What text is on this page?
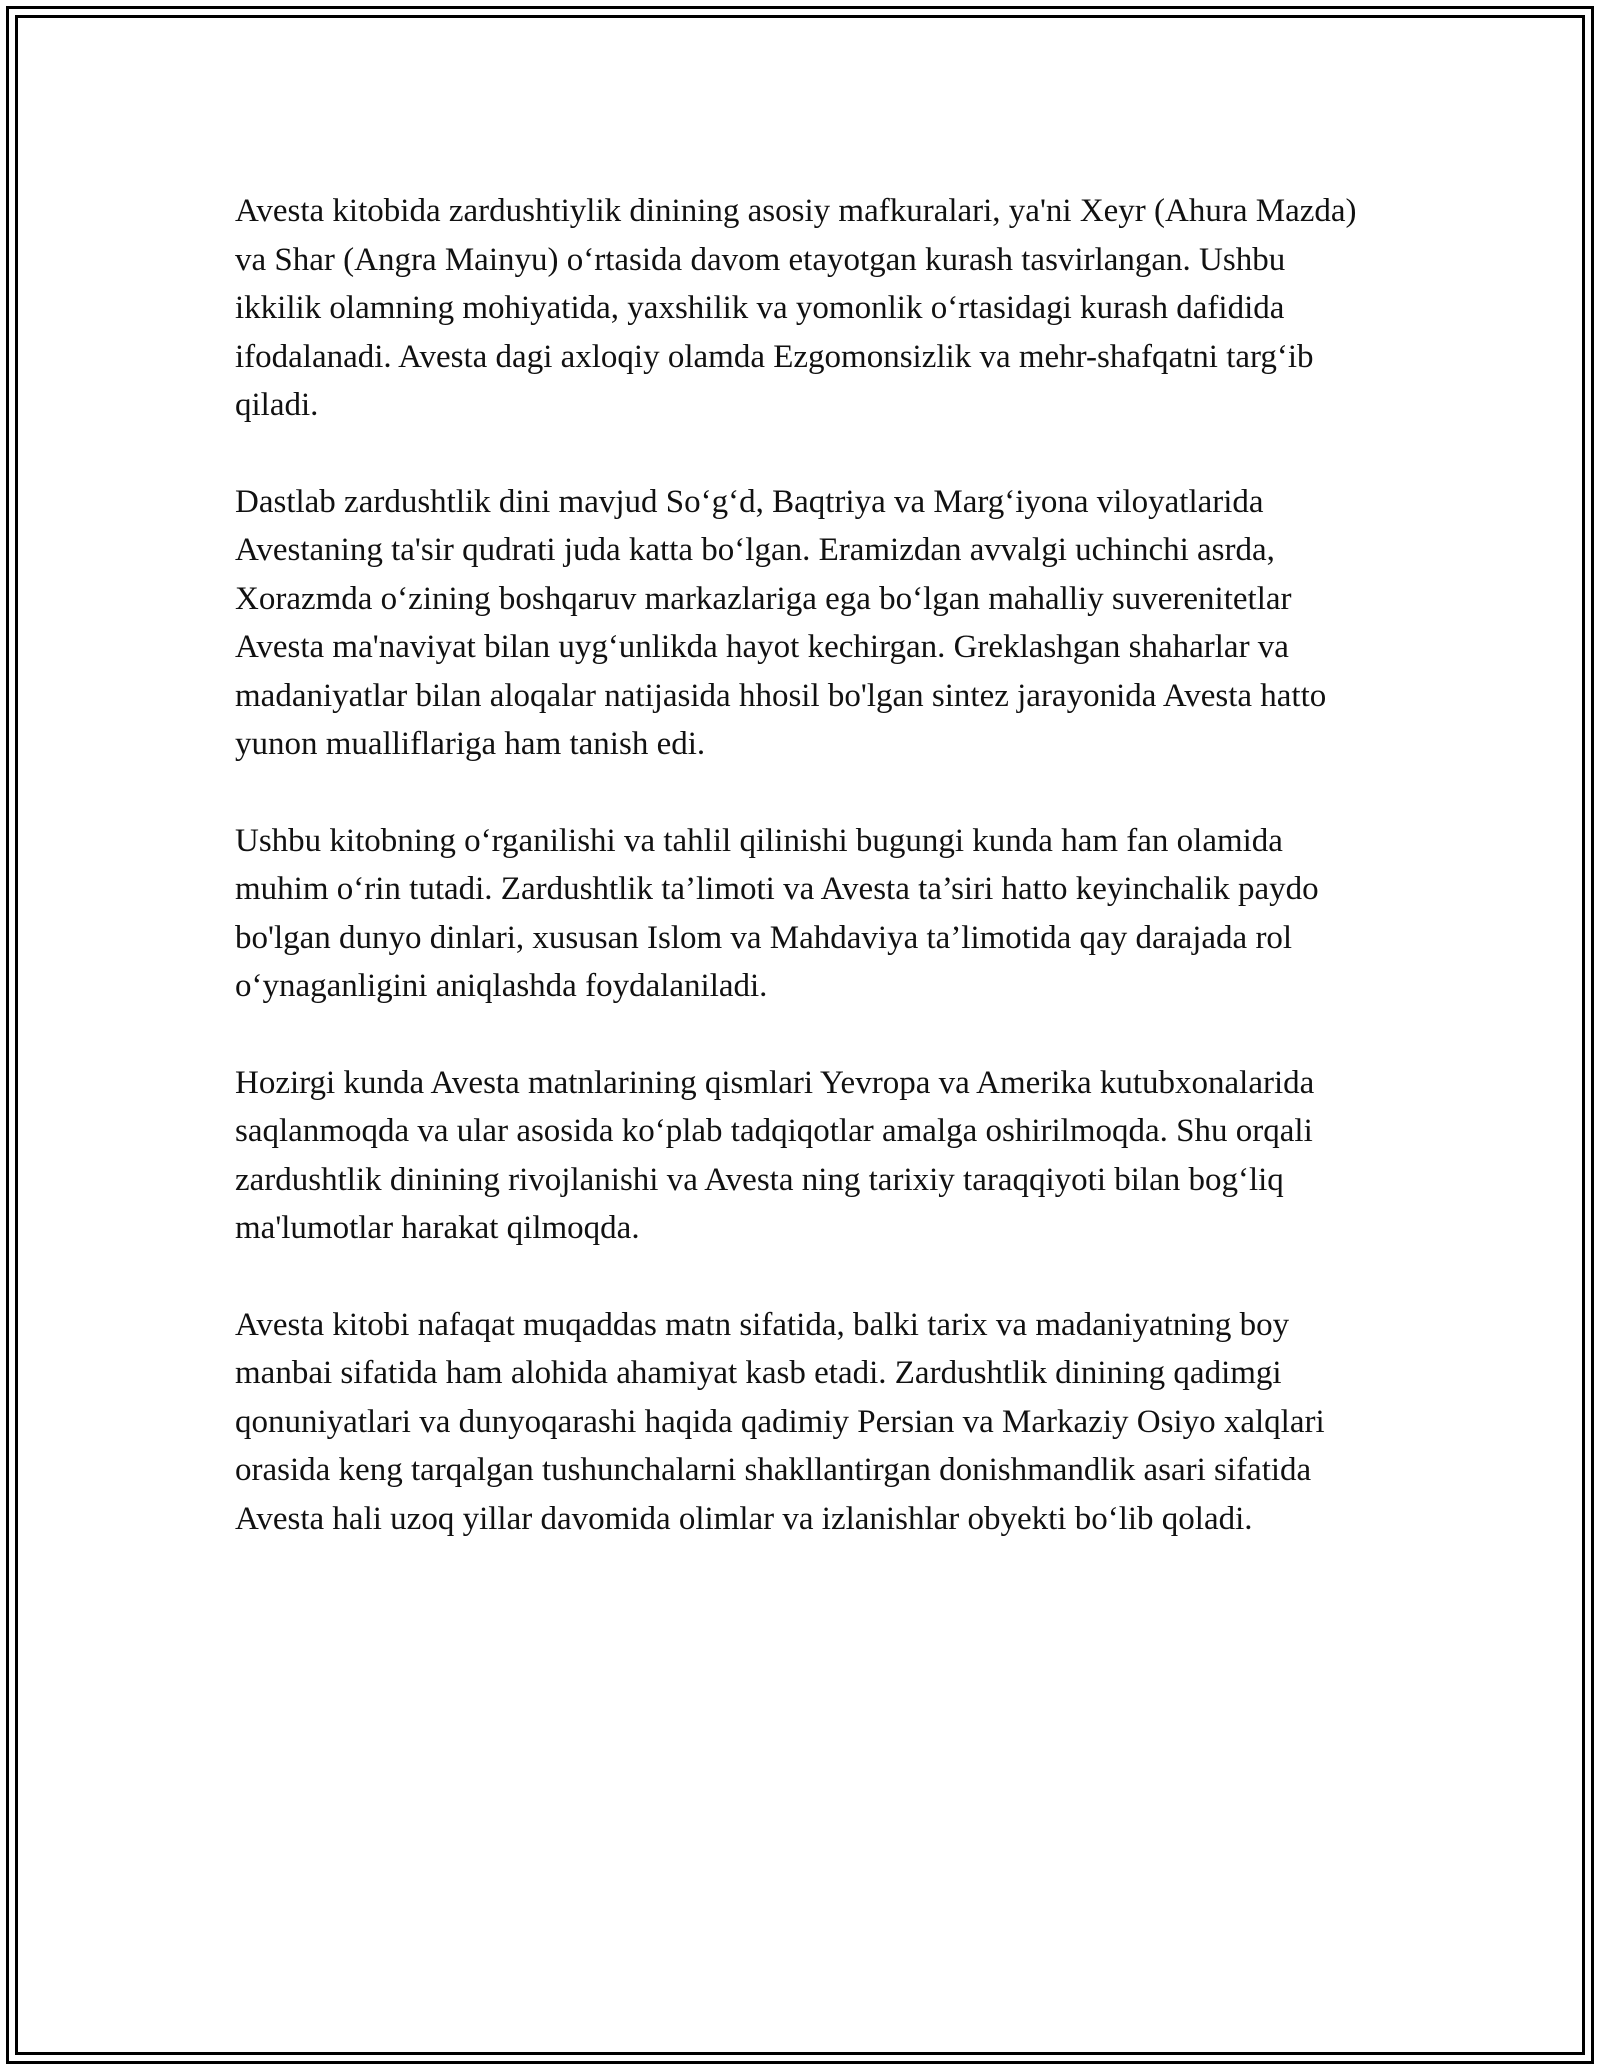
Avesta kitobida zardushtiylik dinining asosiy mafkuralari, ya'ni Xeyr (Ahura Mazda) va Shar (Angra Mainyu) oʻrtasida davom etayotgan kurash tasvirlangan. Ushbu ikkilik olamning mohiyatida, yaxshilik va yomonlik oʻrtasidagi kurash dafidida ifodalanadi. Avesta dagi axloqiy olamda Ezgomonsizlik va mehr-shafqatni targʻib qiladi.

Dastlab zardushtlik dini mavjud Soʻgʻd, Baqtriya va Margʻiyona viloyatlarida Avestaning ta'sir qudrati juda katta boʻlgan. Eramizdan avvalgi uchinchi asrda, Xorazmda oʻzining boshqaruv markazlariga ega boʻlgan mahalliy suverenitetlar Avesta ma'naviyat bilan uygʻunlikda hayot kechirgan. Greklashgan shaharlar va madaniyatlar bilan aloqalar natijasida hhosil bo'lgan sintez jarayonida Avesta hatto yunon mualliflariga ham tanish edi.

Ushbu kitobning oʻrganilishi va tahlil qilinishi bugungi kunda ham fan olamida muhim oʻrin tutadi. Zardushtlik ta’limoti va Avesta ta’siri hatto keyinchalik paydo bo'lgan dunyo dinlari, xususan Islom va Mahdaviya ta’limotida qay darajada rol oʻynaganligini aniqlashda foydalaniladi.

Hozirgi kunda Avesta matnlarining qismlari Yevropa va Amerika kutubxonalarida saqlanmoqda va ular asosida koʻplab tadqiqotlar amalga oshirilmoqda. Shu orqali zardushtlik dinining rivojlanishi va Avesta ning tarixiy taraqqiyoti bilan bogʻliq ma'lumotlar harakat qilmoqda.

Avesta kitobi nafaqat muqaddas matn sifatida, balki tarix va madaniyatning boy manbai sifatida ham alohida ahamiyat kasb etadi. Zardushtlik dinining qadimgi qonuniyatlari va dunyoqarashi haqida qadimiy Persian va Markaziy Osiyo xalqlari orasida keng tarqalgan tushunchalarni shakllantirgan donishmandlik asari sifatida Avesta hali uzoq yillar davomida olimlar va izlanishlar obyekti boʻlib qoladi.
